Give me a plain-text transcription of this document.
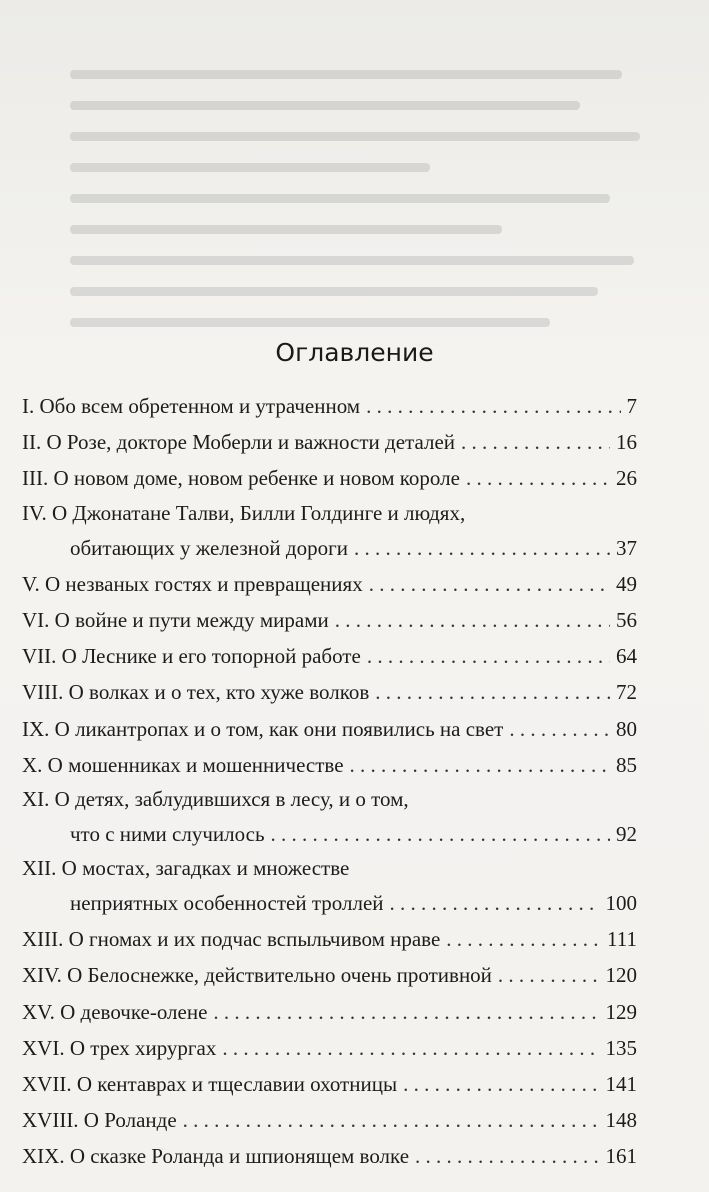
Оглавление
I. Обо всем обретенном и утраченном . . .	7
II. О Розе, докторе Моберли и важности деталей . . .	16
III. О новом доме, новом ребенке и новом короле . . .	26
IV. О Джонатане Талви, Билли Голдинге и людях,
обитающих у железной дороги . . .	37
V. О незваных гостях и превращениях . . .	49
VI. О войне и пути между мирами . . .	56
VII. О Леснике и его топорной работе . . .	64
VIII. О волках и о тех, кто хуже волков . . .	72
IX. О ликантропах и о том, как они появились на свет . . .	80
X. О мошенниках и мошенничестве . . .	85
XI. О детях, заблудившихся в лесу, и о том,
что с ними случилось . . .	92
XII. О мостах, загадках и множестве
неприятных особенностей троллей . . .	100
XIII. О гномах и их подчас вспыльчивом нраве . . .	111
XIV. О Белоснежке, действительно очень противной . . .	120
XV. О девочке-олене . . .	129
XVI. О трех хирургах . . .	135
XVII. О кентаврах и тщеславии охотницы . . .	141
XVIII. О Роланде . . .	148
XIX. О сказке Роланда и шпионящем волке . . .	161
